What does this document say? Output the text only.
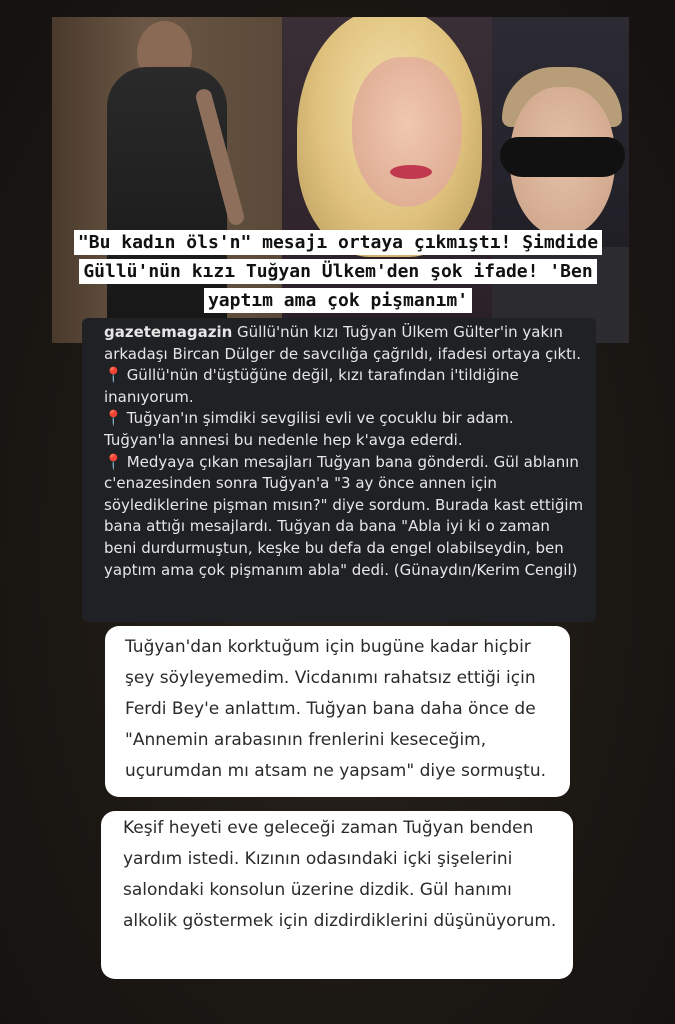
"Bu kadın öls'n" mesajı ortaya çıkmıştı! Şimdide Güllü'nün kızı Tuğyan Ülkem'den şok ifade! 'Ben yaptım ama çok pişmanım'

gazetemagazin Güllü'nün kızı Tuğyan Ülkem Gülter'in yakın arkadaşı Bircan Dülger de savcılığa çağrıldı, ifadesi ortaya çıktı.

📍 Güllü'nün d'üştüğüne değil, kızı tarafından i'tildiğine inanıyorum.

📍 Tuğyan'ın şimdiki sevgilisi evli ve çocuklu bir adam. Tuğyan'la annesi bu nedenle hep k'avga ederdi.

📍 Medyaya çıkan mesajları Tuğyan bana gönderdi. Gül ablanın c'enazesinden sonra Tuğyan'a "3 ay önce annen için söylediklerine pişman mısın?" diye sordum. Burada kast ettiğim bana attığı mesajlardı. Tuğyan da bana "Abla iyi ki o zaman beni durdurmuştun, keşke bu defa da engel olabilseydin, ben yaptım ama çok pişmanım abla" dedi. (Günaydın/Kerim Cengil)

Tuğyan'dan korktuğum için bugüne kadar hiçbir şey söyleyemedim. Vicdanımı rahatsız ettiği için Ferdi Bey'e anlattım. Tuğyan bana daha önce de "Annemin arabasının frenlerini keseceğim, uçurumdan mı atsam ne yapsam" diye sormuştu.

Keşif heyeti eve geleceği zaman Tuğyan benden yardım istedi. Kızının odasındaki içki şişelerini salondaki konsolun üzerine dizdik. Gül hanımı alkolik göstermek için dizdirdiklerini düşünüyorum.
